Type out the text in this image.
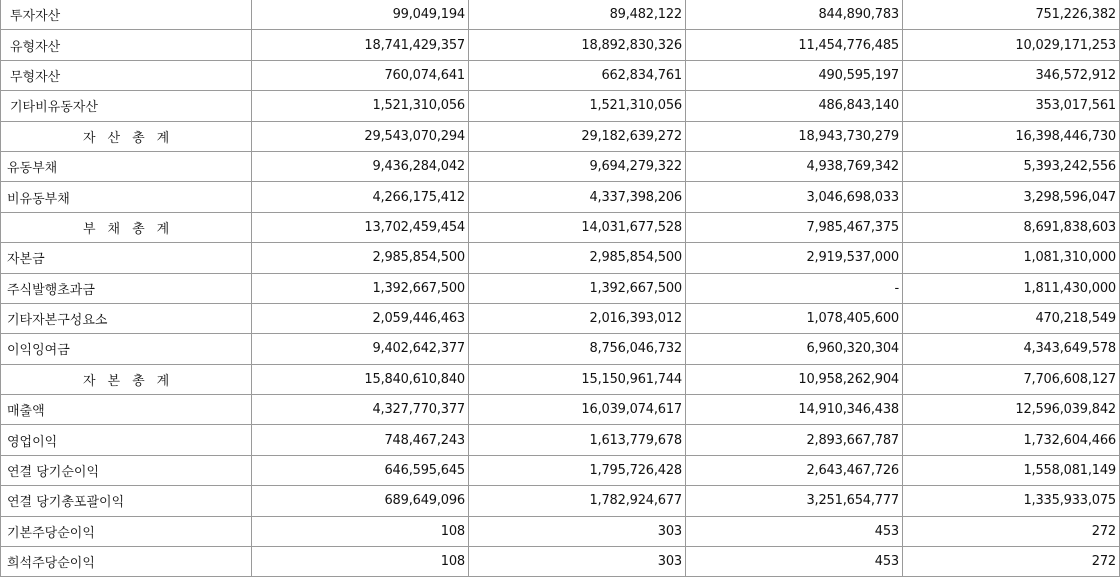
투자자산	99,049,194	89,482,122	844,890,783	751,226,382
유형자산	18,741,429,357	18,892,830,326	11,454,776,485	10,029,171,253
무형자산	760,074,641	662,834,761	490,595,197	346,572,912
기타비유동자산	1,521,310,056	1,521,310,056	486,843,140	353,017,561
자산총계	29,543,070,294	29,182,639,272	18,943,730,279	16,398,446,730
유동부채	9,436,284,042	9,694,279,322	4,938,769,342	5,393,242,556
비유동부채	4,266,175,412	4,337,398,206	3,046,698,033	3,298,596,047
부채총계	13,702,459,454	14,031,677,528	7,985,467,375	8,691,838,603
자본금	2,985,854,500	2,985,854,500	2,919,537,000	1,081,310,000
주식발행초과금	1,392,667,500	1,392,667,500	-	1,811,430,000
기타자본구성요소	2,059,446,463	2,016,393,012	1,078,405,600	470,218,549
이익잉여금	9,402,642,377	8,756,046,732	6,960,320,304	4,343,649,578
자본총계	15,840,610,840	15,150,961,744	10,958,262,904	7,706,608,127
매출액	4,327,770,377	16,039,074,617	14,910,346,438	12,596,039,842
영업이익	748,467,243	1,613,779,678	2,893,667,787	1,732,604,466
연결 당기순이익	646,595,645	1,795,726,428	2,643,467,726	1,558,081,149
연결 당기총포괄이익	689,649,096	1,782,924,677	3,251,654,777	1,335,933,075
기본주당순이익	108	303	453	272
희석주당순이익	108	303	453	272
